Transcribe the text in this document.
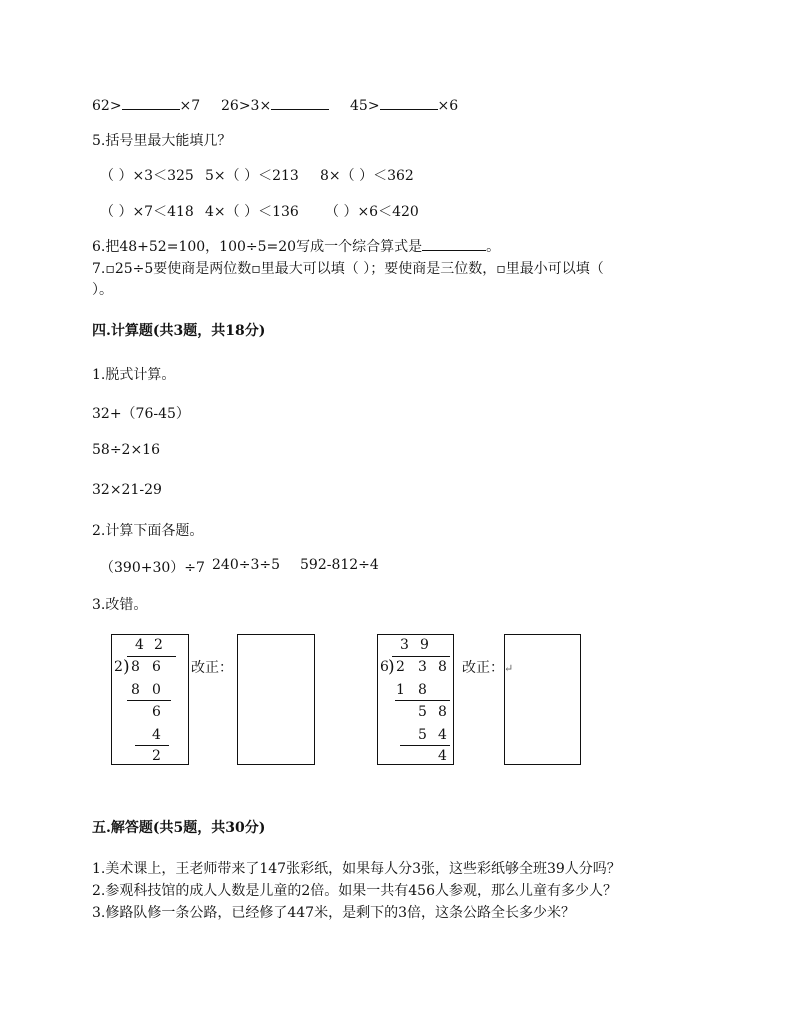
62>	×7 26>3×	45>	×6
5.括号里最大能填几？
（ ）×3＜325 5×（ ）＜213 8×（ ）＜362
（ ）×7＜418 4×（ ）＜136 （ ）×6＜420
6.把48+52=100，100÷5=20写成一个综合算式是	。
7.▫25÷5要使商是两位数▫里最大可以填（ ）；要使商是三位数，▫里最小可以填（
）。
四.计算题(共3题，共18分)
1.脱式计算。
32+（76-45）
58÷2×16
32×21-29
2.计算下面各题。
（390+30）÷7 240÷3÷5 592-812÷4
3.改错。
4 2
2 ) 8 6
8 0
6
4
2
改正：
3 9
6 ) 2 3 8
1 8
5 8
5 4
4
改正：↵
五.解答题(共5题，共30分)
1.美术课上，王老师带来了147张彩纸，如果每人分3张，这些彩纸够全班39人分吗？
2.参观科技馆的成人人数是儿童的2倍。如果一共有456人参观，那么儿童有多少人？
3.修路队修一条公路，已经修了447米，是剩下的3倍，这条公路全长多少米？
